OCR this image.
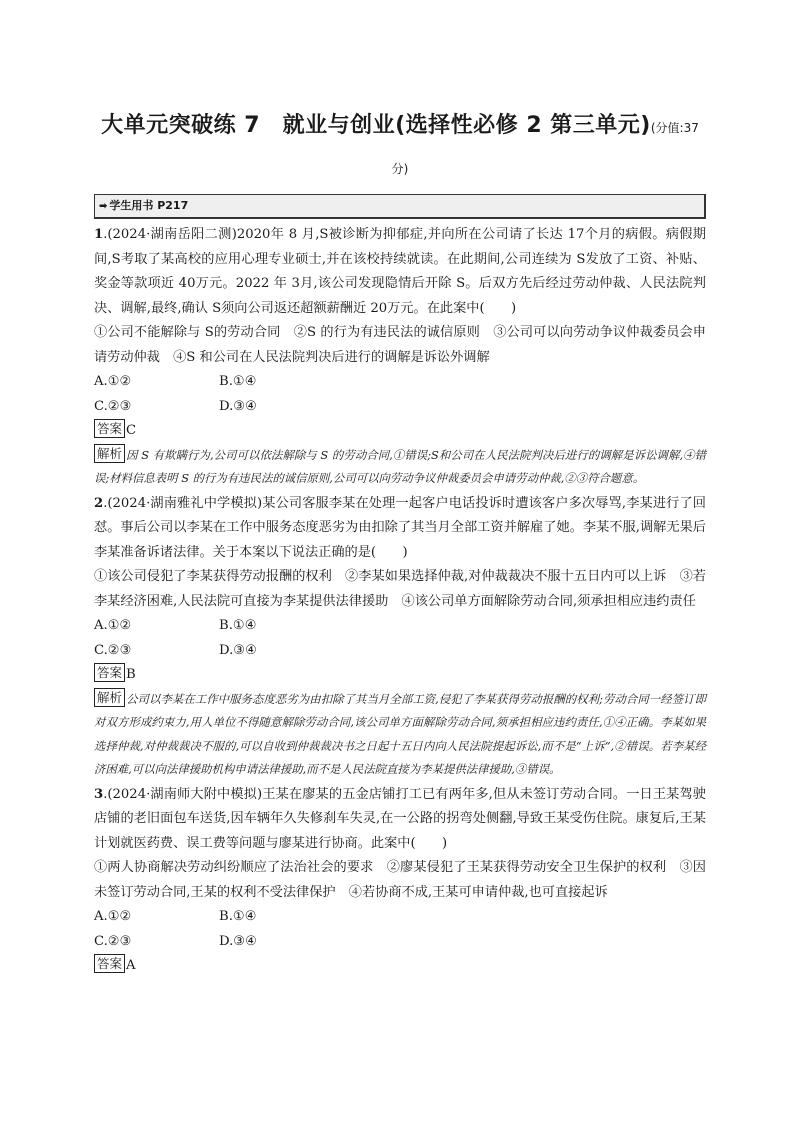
大单元突破练 7　就业与创业(选择性必修 2 第三单元)(分值:37分)
➡ 学生用书 P217

1.(2024·湖南岳阳二测)2020年 8 月,S被诊断为抑郁症,并向所在公司请了长达 17个月的病假。病假期间,S考取了某高校的应用心理专业硕士,并在该校持续就读。在此期间,公司连续为 S发放了工资、补贴、奖金等款项近 40万元。2022 年 3月,该公司发现隐情后开除 S。后双方先后经过劳动仲裁、人民法院判决、调解,最终,确认 S须向公司返还超额薪酬近 20万元。在此案中(　　)

①公司不能解除与 S的劳动合同　②S 的行为有违民法的诚信原则　③公司可以向劳动争议仲裁委员会申请劳动仲裁　④S 和公司在人民法院判决后进行的调解是诉讼外调解

A.①②	B.①④
C.②③	D.③④
答案 C

解析 因 S 有欺瞒行为,公司可以依法解除与 S 的劳动合同,①错误;S和公司在人民法院判决后进行的调解是诉讼调解,④错误;材料信息表明 S 的行为有违民法的诚信原则,公司可以向劳动争议仲裁委员会申请劳动仲裁,②③符合题意。

2.(2024·湖南雅礼中学模拟)某公司客服李某在处理一起客户电话投诉时遭该客户多次辱骂,李某进行了回怼。事后公司以李某在工作中服务态度恶劣为由扣除了其当月全部工资并解雇了她。李某不服,调解无果后李某准备诉诸法律。关于本案以下说法正确的是(　　)

①该公司侵犯了李某获得劳动报酬的权利　②李某如果选择仲裁,对仲裁裁决不服十五日内可以上诉　③若李某经济困难,人民法院可直接为李某提供法律援助　④该公司单方面解除劳动合同,须承担相应违约责任

A.①②	B.①④
C.②③	D.③④
答案 B

解析 公司以李某在工作中服务态度恶劣为由扣除了其当月全部工资,侵犯了李某获得劳动报酬的权利;劳动合同一经签订即对双方形成约束力,用人单位不得随意解除劳动合同,该公司单方面解除劳动合同,须承担相应违约责任,①④正确。李某如果选择仲裁,对仲裁裁决不服的,可以自收到仲裁裁决书之日起十五日内向人民法院提起诉讼,而不是“上诉”,②错误。若李某经济困难,可以向法律援助机构申请法律援助,而不是人民法院直接为李某提供法律援助,③错误。

3.(2024·湖南师大附中模拟)王某在廖某的五金店铺打工已有两年多,但从未签订劳动合同。一日王某驾驶店铺的老旧面包车送货,因车辆年久失修刹车失灵,在一公路的拐弯处侧翻,导致王某受伤住院。康复后,王某计划就医药费、误工费等问题与廖某进行协商。此案中(　　)

①两人协商解决劳动纠纷顺应了法治社会的要求　②廖某侵犯了王某获得劳动安全卫生保护的权利　③因未签订劳动合同,王某的权利不受法律保护　④若协商不成,王某可申请仲裁,也可直接起诉

A.①②	B.①④
C.②③	D.③④
答案 A
